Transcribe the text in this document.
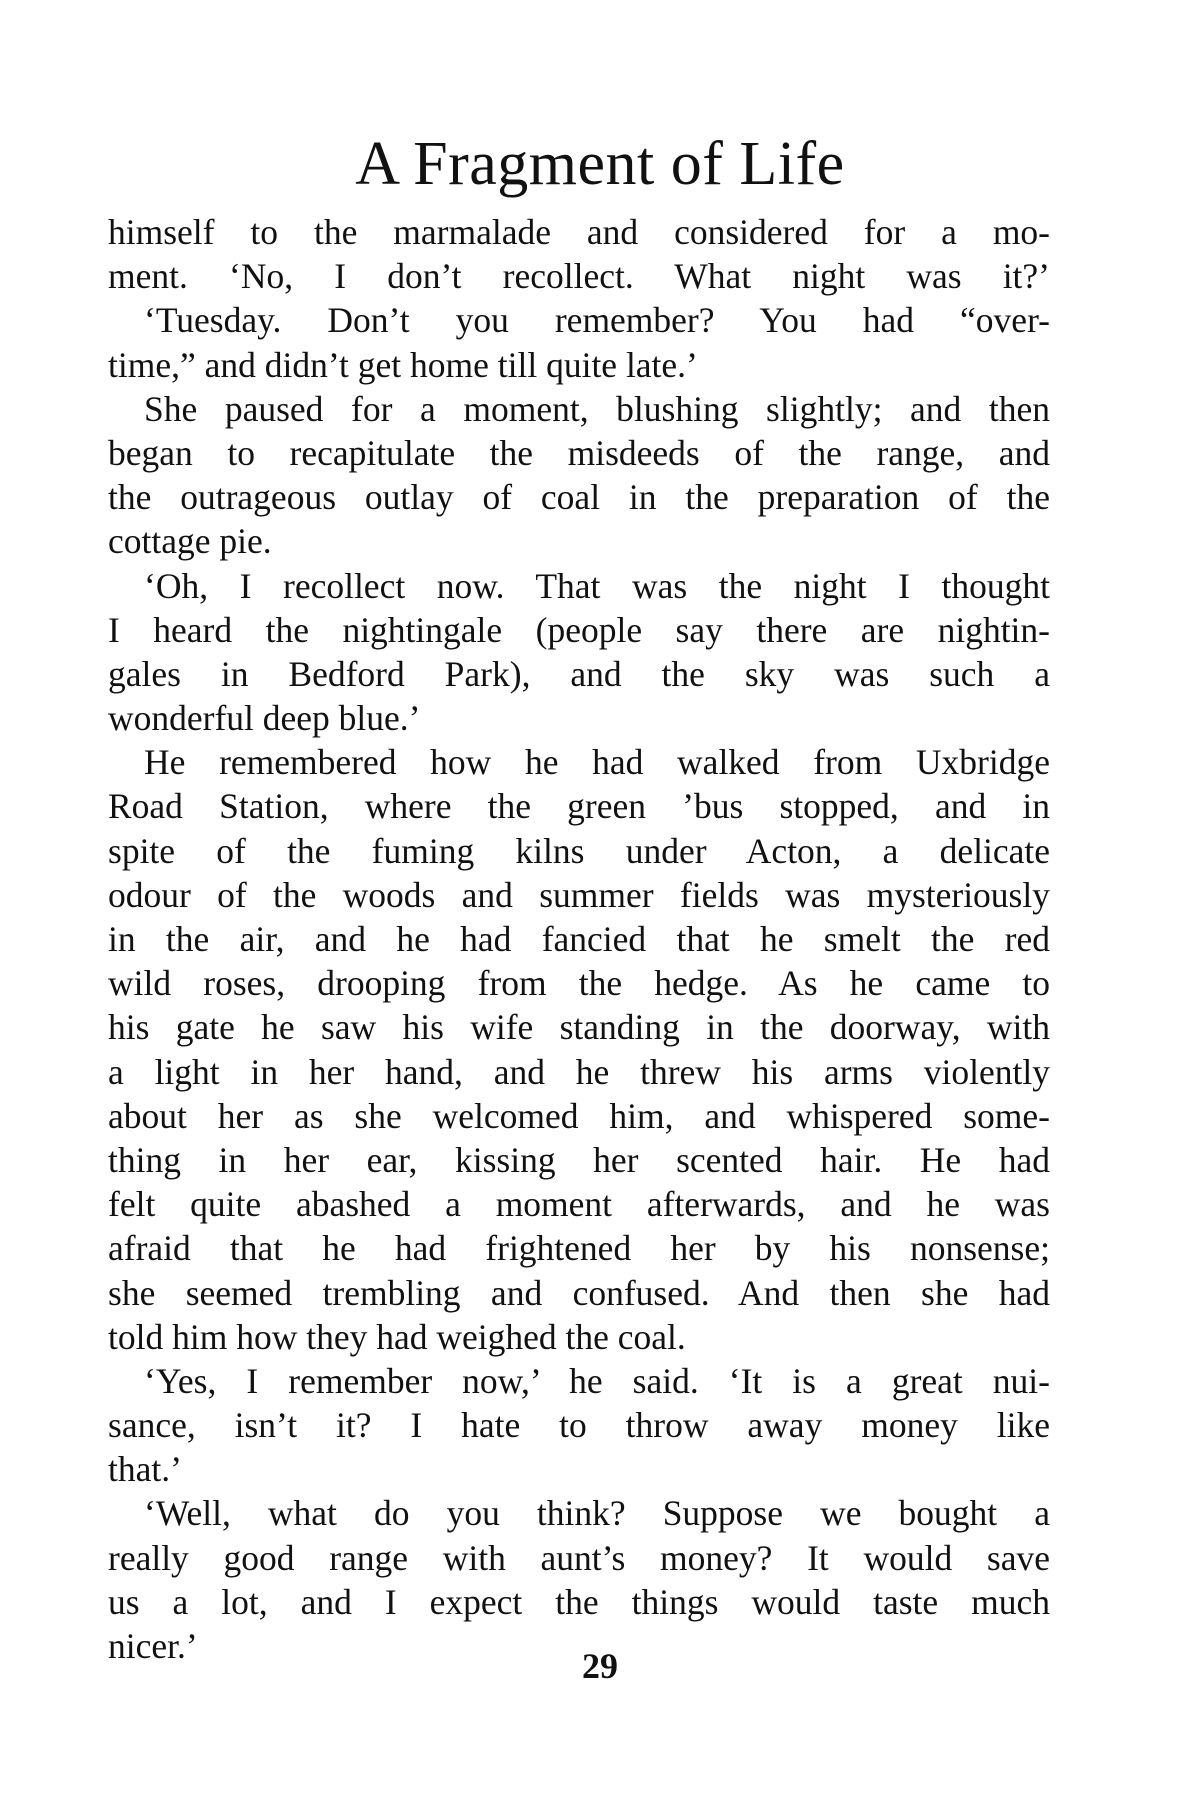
A Fragment of Life
himself to the marmalade and considered for a mo-
ment. ‘No, I don’t recollect. What night was it?’
‘Tuesday. Don’t you remember? You had “over-
time,” and didn’t get home till quite late.’
She paused for a moment, blushing slightly; and then
began to recapitulate the misdeeds of the range, and
the outrageous outlay of coal in the preparation of the
cottage pie.
‘Oh, I recollect now. That was the night I thought
I heard the nightingale (people say there are nightin-
gales in Bedford Park), and the sky was such a
wonderful deep blue.’
He remembered how he had walked from Uxbridge
Road Station, where the green ’bus stopped, and in
spite of the fuming kilns under Acton, a delicate
odour of the woods and summer fields was mysteriously
in the air, and he had fancied that he smelt the red
wild roses, drooping from the hedge. As he came to
his gate he saw his wife standing in the doorway, with
a light in her hand, and he threw his arms violently
about her as she welcomed him, and whispered some-
thing in her ear, kissing her scented hair. He had
felt quite abashed a moment afterwards, and he was
afraid that he had frightened her by his nonsense;
she seemed trembling and confused. And then she had
told him how they had weighed the coal.
‘Yes, I remember now,’ he said. ‘It is a great nui-
sance, isn’t it? I hate to throw away money like
that.’
‘Well, what do you think? Suppose we bought a
really good range with aunt’s money? It would save
us a lot, and I expect the things would taste much
nicer.’	29
